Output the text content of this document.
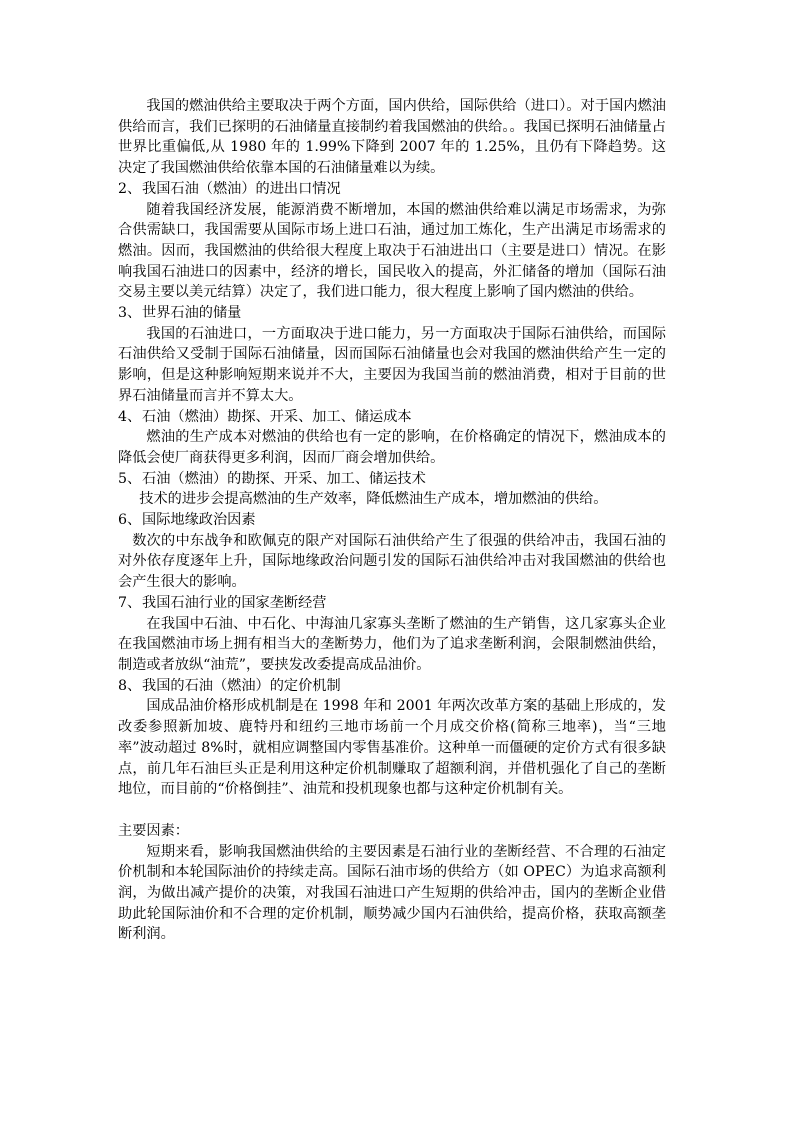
我国的燃油供给主要取决于两个方面，国内供给，国际供给（进口）。对于国内燃油供给而言，我们已探明的石油储量直接制约着我国燃油的供给。。我国已探明石油储量占世界比重偏低,从 1980 年的 1.99%下降到 2007 年的 1.25%，且仍有下降趋势。这决定了我国燃油供给依靠本国的石油储量难以为续。

2、我国石油（燃油）的进出口情况

随着我国经济发展，能源消费不断增加，本国的燃油供给难以满足市场需求，为弥合供需缺口，我国需要从国际市场上进口石油，通过加工炼化，生产出满足市场需求的燃油。因而，我国燃油的供给很大程度上取决于石油进出口（主要是进口）情况。在影响我国石油进口的因素中，经济的增长，国民收入的提高，外汇储备的增加（国际石油交易主要以美元结算）决定了，我们进口能力，很大程度上影响了国内燃油的供给。

3、世界石油的储量

我国的石油进口，一方面取决于进口能力，另一方面取决于国际石油供给，而国际石油供给又受制于国际石油储量，因而国际石油储量也会对我国的燃油供给产生一定的影响，但是这种影响短期来说并不大，主要因为我国当前的燃油消费，相对于目前的世界石油储量而言并不算太大。

4、石油（燃油）勘探、开采、加工、储运成本

燃油的生产成本对燃油的供给也有一定的影响，在价格确定的情况下，燃油成本的降低会使厂商获得更多利润，因而厂商会增加供给。

5、石油（燃油）的勘探、开采、加工、储运技术

技术的进步会提高燃油的生产效率，降低燃油生产成本，增加燃油的供给。

6、国际地缘政治因素

数次的中东战争和欧佩克的限产对国际石油供给产生了很强的供给冲击，我国石油的对外依存度逐年上升，国际地缘政治问题引发的国际石油供给冲击对我国燃油的供给也会产生很大的影响。

7、我国石油行业的国家垄断经营

在我国中石油、中石化、中海油几家寡头垄断了燃油的生产销售，这几家寡头企业在我国燃油市场上拥有相当大的垄断势力，他们为了追求垄断利润，会限制燃油供给，制造或者放纵“油荒”，要挟发改委提高成品油价。

8、我国的石油（燃油）的定价机制

国成品油价格形成机制是在 1998 年和 2001 年两次改革方案的基础上形成的，发改委参照新加坡、鹿特丹和纽约三地市场前一个月成交价格(简称三地率)，当“三地率”波动超过 8%时，就相应调整国内零售基准价。这种单一而僵硬的定价方式有很多缺点，前几年石油巨头正是利用这种定价机制赚取了超额利润，并借机强化了自己的垄断地位，而目前的“价格倒挂”、油荒和投机现象也都与这种定价机制有关。

主要因素：

短期来看，影响我国燃油供给的主要因素是石油行业的垄断经营、不合理的石油定价机制和本轮国际油价的持续走高。国际石油市场的供给方（如 OPEC）为追求高额利润，为做出减产提价的决策，对我国石油进口产生短期的供给冲击，国内的垄断企业借助此轮国际油价和不合理的定价机制，顺势减少国内石油供给，提高价格，获取高额垄断利润。
